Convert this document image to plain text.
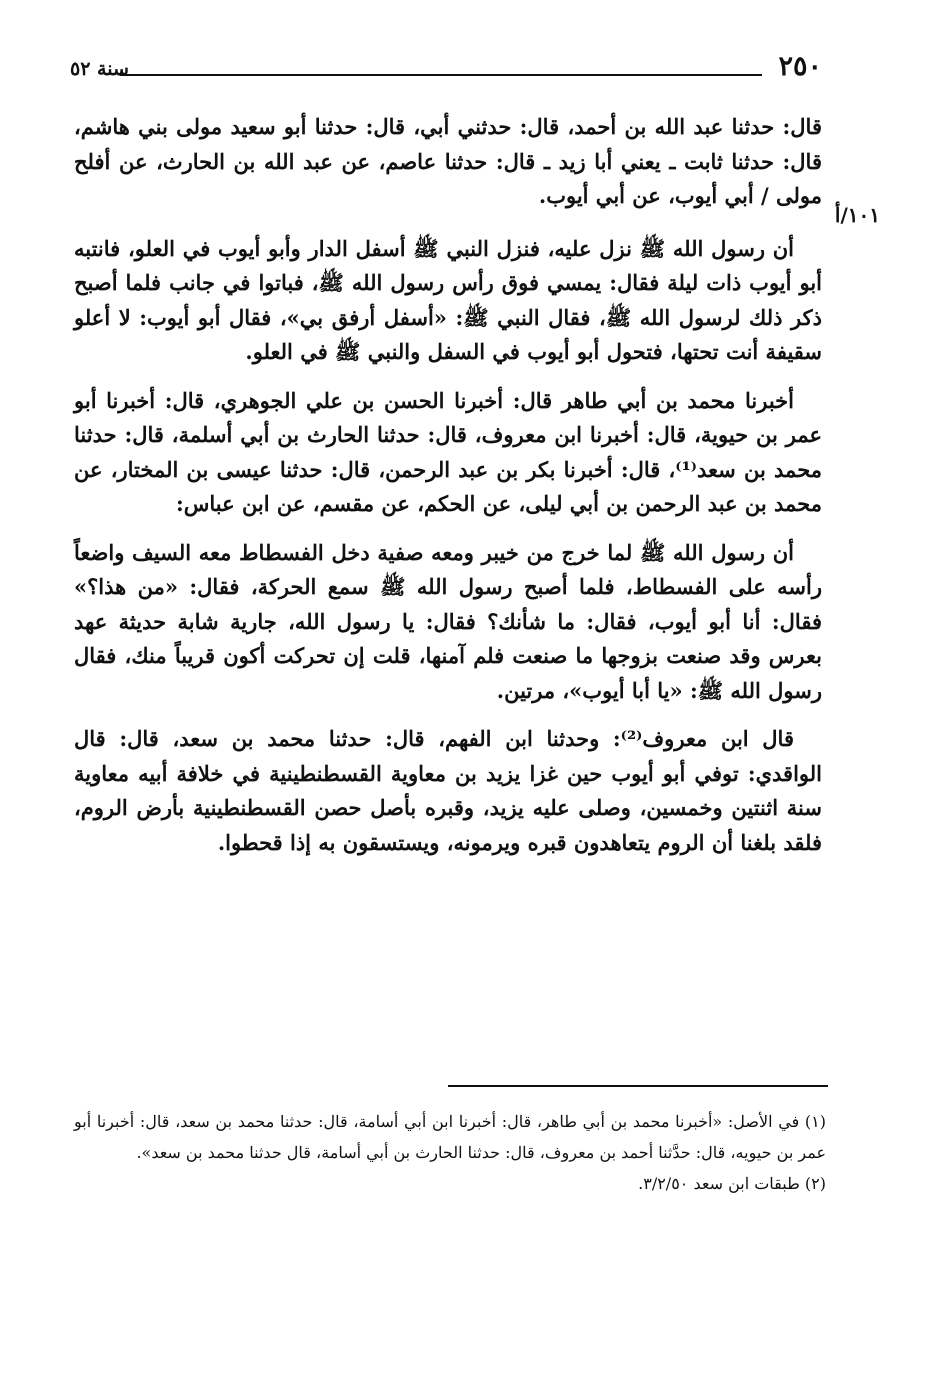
٢٥٠
سنة ٥٢
١٠١/أ

قال: حدثنا عبد الله بن أحمد، قال: حدثني أبي، قال: حدثنا أبو سعيد مولى بني هاشم، قال: حدثنا ثابت ـ يعني أبا زيد ـ قال: حدثنا عاصم، عن عبد الله بن الحارث، عن أفلح مولى / أبي أيوب، عن أبي أيوب.

أن رسول الله ﷺ نزل عليه، فنزل النبي ﷺ أسفل الدار وأبو أيوب في العلو، فانتبه أبو أيوب ذات ليلة فقال: يمسي فوق رأس رسول الله ﷺ، فباتوا في جانب فلما أصبح ذكر ذلك لرسول الله ﷺ، فقال النبي ﷺ: «أسفل أرفق بي»، فقال أبو أيوب: لا أعلو سقيفة أنت تحتها، فتحول أبو أيوب في السفل والنبي ﷺ في العلو.

أخبرنا محمد بن أبي طاهر قال: أخبرنا الحسن بن علي الجوهري، قال: أخبرنا أبو عمر بن حيوية، قال: أخبرنا ابن معروف، قال: حدثنا الحارث بن أبي أسلمة، قال: حدثنا محمد بن سعد⁽¹⁾، قال: أخبرنا بكر بن عبد الرحمن، قال: حدثنا عيسى بن المختار، عن محمد بن عبد الرحمن بن أبي ليلى، عن الحكم، عن مقسم، عن ابن عباس:

أن رسول الله ﷺ لما خرج من خيبر ومعه صفية دخل الفسطاط معه السيف واضعاً رأسه على الفسطاط، فلما أصبح رسول الله ﷺ سمع الحركة، فقال: «من هذا؟» فقال: أنا أبو أيوب، فقال: ما شأنك؟ فقال: يا رسول الله، جارية شابة حديثة عهد بعرس وقد صنعت بزوجها ما صنعت فلم آمنها، قلت إن تحركت أكون قريباً منك، فقال رسول الله ﷺ: «يا أبا أيوب»، مرتين.

قال ابن معروف⁽²⁾: وحدثنا ابن الفهم، قال: حدثنا محمد بن سعد، قال: قال الواقدي: توفي أبو أيوب حين غزا يزيد بن معاوية القسطنطينية في خلافة أبيه معاوية سنة اثنتين وخمسين، وصلى عليه يزيد، وقبره بأصل حصن القسطنطينية بأرض الروم، فلقد بلغنا أن الروم يتعاهدون قبره ويرمونه، ويستسقون به إذا قحطوا.

(١) في الأصل: «أخبرنا محمد بن أبي طاهر، قال: أخبرنا ابن أبي أسامة، قال: حدثنا محمد بن سعد، قال: أخبرنا أبو عمر بن حيويه، قال: حدَّثنا أحمد بن معروف، قال: حدثنا الحارث بن أبي أسامة، قال حدثنا محمد بن سعد».

(٢) طبقات ابن سعد ٣/٢/٥٠.
